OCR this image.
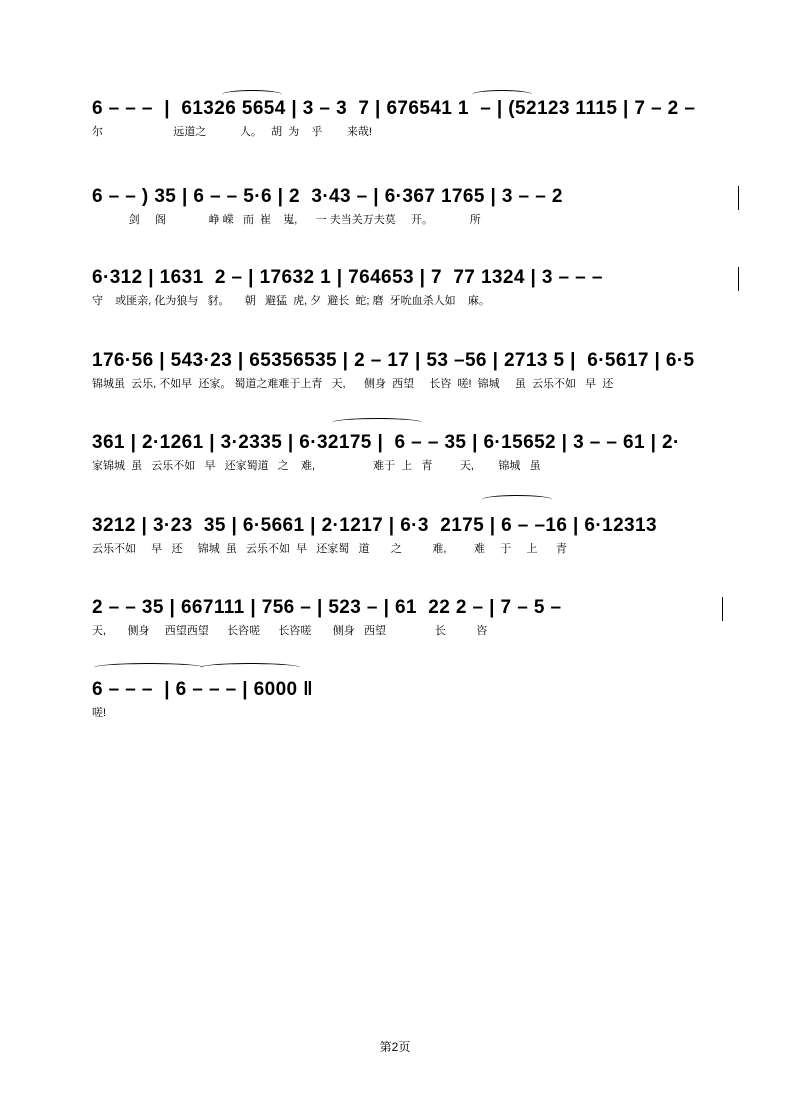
6 – – –  |  61326 5654 | 3 – 3  7 | 676541 1  – | (52123 1115 | 7 – 2 –
尔                       远道之           人。   胡  为    乎        来哉!
6 – – ) 35 | 6 – – 5·6 | 2  3·43 – | 6·367 1765 | 3 – – 2
剑     阁              峥 嵘   而  崔    嵬,      一 夫当关万夫莫     开。            所
6·312 | 1631  2 – | 17632 1 | 764653 | 7  77 1324 | 3 – – –
守    或匪亲, 化为狼与   豺。     朝   避猛  虎, 夕  避长  蛇; 磨  牙吮血杀人如    麻。
176·56 | 543·23 | 65356535 | 2 – 17 | 53 –56 | 2713 5 |  6·5617 | 6·5
锦城虽  云乐, 不如早  还家。 蜀道之难难于上青   天,      侧身  西望     长咨  嗟!  锦城     虽  云乐不如   早  还
361 | 2·1261 | 3·2335 | 6·32175 |  6 – – 35 | 6·15652 | 3 – – 61 | 2·
家锦城  虽   云乐不如   早   还家蜀道   之    难,                   难于  上   青         天,        锦城   虽
3212 | 3·23  35 | 6·5661 | 2·1217 | 6·3  2175 | 6 – –16 | 6·12313
云乐不如     早   还     锦城  虽   云乐不如  早   还家蜀   道       之          难,         难     于     上      青
2 – – 35 | 667111 | 756 – | 523 – | 61  22 2 – | 7 – 5 –
天,       侧身     西望西望      长咨嗟      长咨嗟       侧身   西望                长          咨
6 – – –  | 6 – – – | 6000 ‖
嗟!
第2页
